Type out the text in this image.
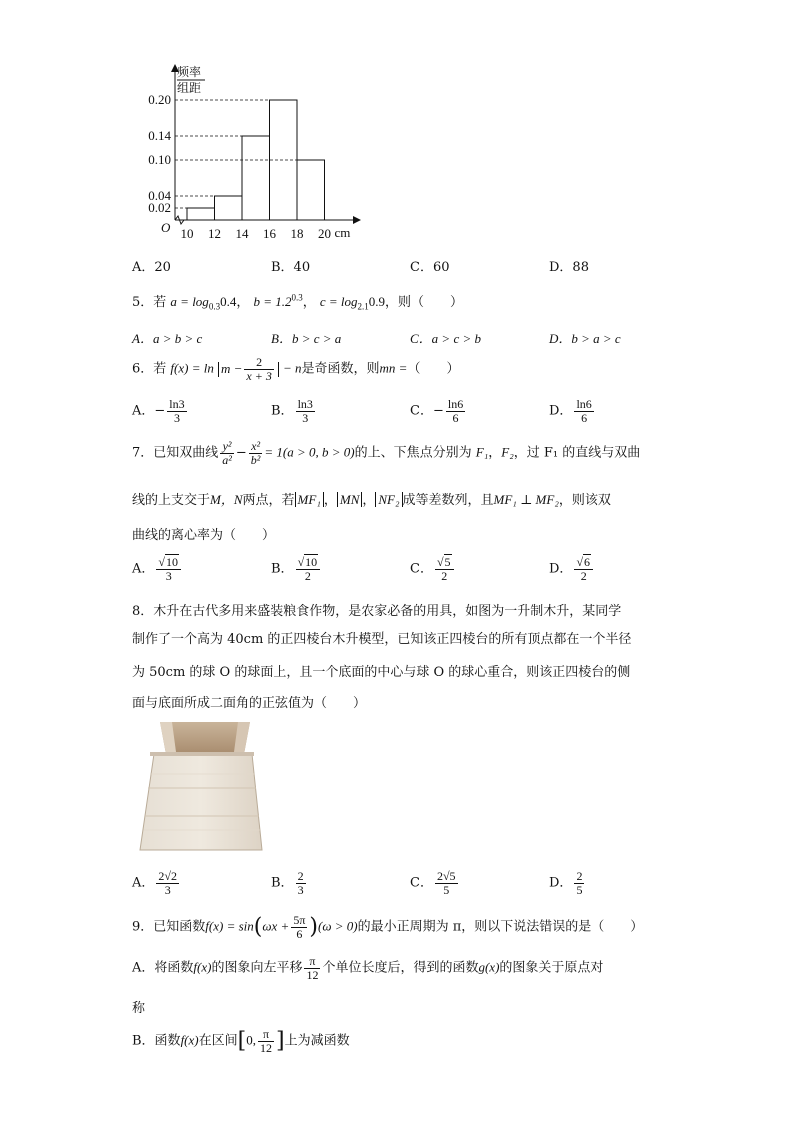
频率
组距
O
0.20
0.14
0.10
0.04
0.02
10 12 14 16 18 20 cm
A．20	B．40	C．60	D．88
5．若 $a = \log_{0.3}0.4$， $b = 1.2^{0.3}$， $c = \log_{2.1}0.9$，则（　　）
A．a > b > c	B．b > c > a	C．a > c > b	D．b > a > c
6．若 $f(x) = \ln m - \frac{2}{x + 3} - n$是奇函数，则mn =（　　）
A．− $\frac{\ln 3}{3}$	B． $\frac{\ln 3}{3}$	C．− $\frac{\ln 6}{6}$	D． $\frac{\ln 6}{6}$
7．已知双曲线 $\frac{\text{y²}}{\text{a²}} - \frac{\text{x²}}{\text{b²}} = 1(a > 0$, b > 0)的上、下焦点分别为 F₁，F₂，过 F₁ 的直线与双曲
线的上支交于M，N两点，若 MF₁ ， MN ， NF₂ 成等差数列，且MF₁ ⊥ MF₂，则该双
曲线的离心率为（　　）
A． $\frac{√10}{3}$	B． $\frac{√10}{2}$	C． $\frac{√5}{2}$	D． $\frac{√6}{2}$
8．木升在古代多用来盛装粮食作物，是农家必备的用具，如图为一升制木升，某同学
制作了一个高为 40cm 的正四棱台木升模型，已知该正四棱台的所有顶点都在一个半径
为 50cm 的球 O 的球面上，且一个底面的中心与球 O 的球心重合，则该正四棱台的侧
面与底面所成二面角的正弦值为（　　）
A． $\frac{2√2}{3}$	B． $\frac{2}{3}$	C． $\frac{2√5}{5}$	D． $\frac{2}{5}$
9．已知函数$f(x) = \sin(\omega x + \frac{5\pi}{6} )(\omega > 0)$的最小正周期为 π，则以下说法错误的是（　　）
A．将函数f(x)的图象向左平移 $\frac{\pi}{12}$ 个单位长度后，得到的函数g(x)的图象关于原点对
称
B．函数f(x)在区间[0, $\frac{\pi}{12}$ ]上为减函数
